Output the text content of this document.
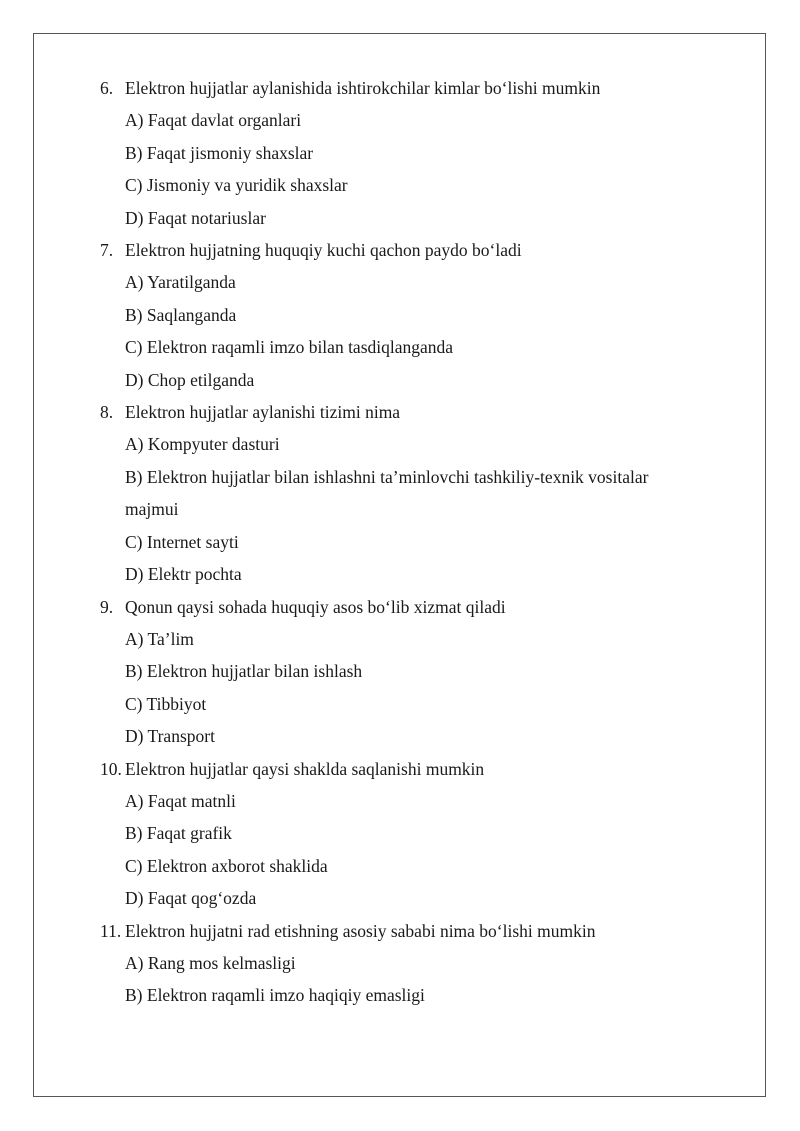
6. Elektron hujjatlar aylanishida ishtirokchilar kimlar bo‘lishi mumkin
A) Faqat davlat organlari
B) Faqat jismoniy shaxslar
C) Jismoniy va yuridik shaxslar
D) Faqat notariuslar
7. Elektron hujjatning huquqiy kuchi qachon paydo bo‘ladi
A) Yaratilganda
B) Saqlanganda
C) Elektron raqamli imzo bilan tasdiqlanganda
D) Chop etilganda
8. Elektron hujjatlar aylanishi tizimi nima
A) Kompyuter dasturi
B) Elektron hujjatlar bilan ishlashni ta’minlovchi tashkiliy-texnik vositalar majmui
C) Internet sayti
D) Elektr pochta
9. Qonun qaysi sohada huquqiy asos bo‘lib xizmat qiladi
A) Ta’lim
B) Elektron hujjatlar bilan ishlash
C) Tibbiyot
D) Transport
10. Elektron hujjatlar qaysi shaklda saqlanishi mumkin
A) Faqat matnli
B) Faqat grafik
C) Elektron axborot shaklida
D) Faqat qog‘ozda
11. Elektron hujjatni rad etishning asosiy sababi nima bo‘lishi mumkin
A) Rang mos kelmasligi
B) Elektron raqamli imzo haqiqiy emasligi
